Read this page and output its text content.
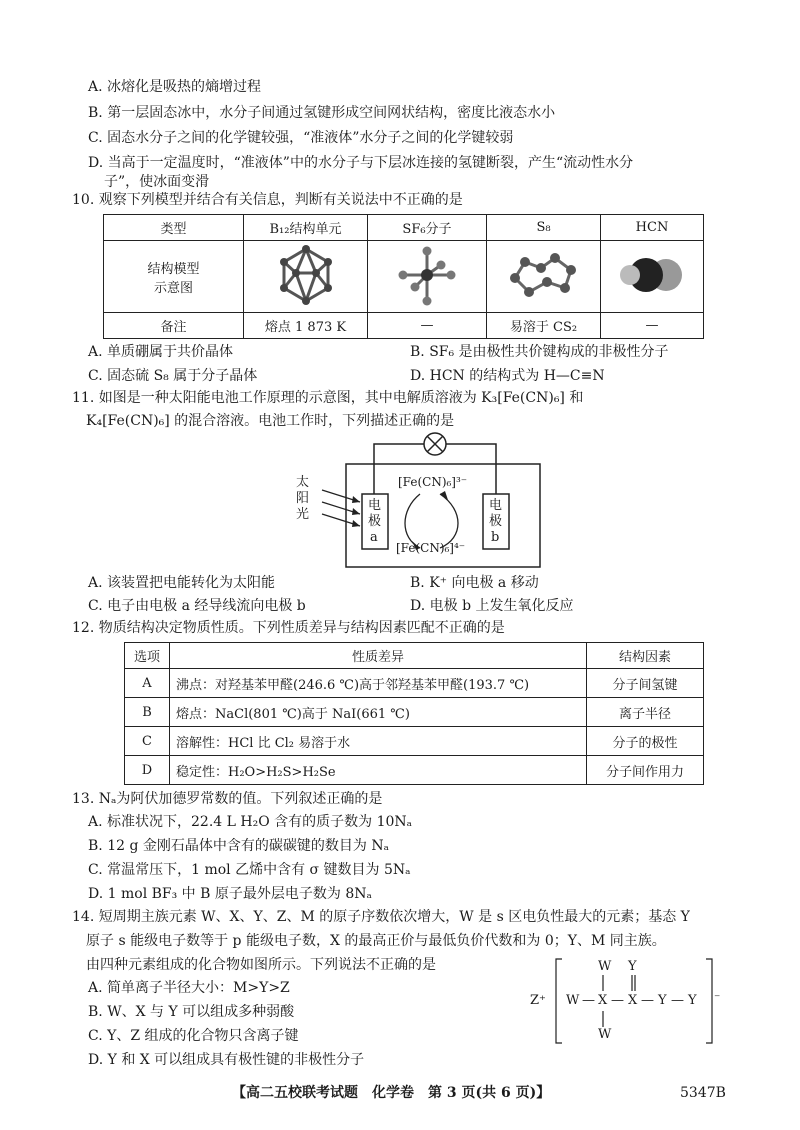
A. 冰熔化是吸热的熵增过程
B. 第一层固态冰中，水分子间通过氢键形成空间网状结构，密度比液态水小
C. 固态水分子之间的化学键较强，“准液体”水分子之间的化学键较弱
D. 当高于一定温度时，“准液体”中的水分子与下层冰连接的氢键断裂，产生“流动性水分
子”，使冰面变滑
10. 观察下列模型并结合有关信息，判断有关说法中不正确的是
类型	B₁₂结构单元	SF₆分子	S₈	HCN

结构模型
示意图

备注	熔点 1 873 K	—	易溶于 CS₂	—
A. 单质硼属于共价晶体	B. SF₆ 是由极性共价键构成的非极性分子
C. 固态硫 S₈ 属于分子晶体	D. HCN 的结构式为 H—C≡N
11. 如图是一种太阳能电池工作原理的示意图，其中电解质溶液为 K₃[Fe(CN)₆] 和
K₄[Fe(CN)₆] 的混合溶液。电池工作时，下列描述正确的是
太
阳
光
电
极
a
电
极
b
[Fe(CN)₆]³⁻
[Fe(CN)₆]⁴⁻
A. 该装置把电能转化为太阳能	B. K⁺ 向电极 a 移动
C. 电子由电极 a 经导线流向电极 b	D. 电极 b 上发生氧化反应
12. 物质结构决定物质性质。下列性质差异与结构因素匹配不正确的是
选项	性质差异	结构因素
A	沸点：对羟基苯甲醛(246.6 ℃)高于邻羟基苯甲醛(193.7 ℃)	分子间氢键
B	熔点：NaCl(801 ℃)高于 NaI(661 ℃)	离子半径
C	溶解性：HCl 比 Cl₂ 易溶于水	分子的极性
D	稳定性：H₂O>H₂S>H₂Se	分子间作用力
13. Nₐ为阿伏加德罗常数的值。下列叙述正确的是
A. 标准状况下，22.4 L H₂O 含有的质子数为 10Nₐ
B. 12 g 金刚石晶体中含有的碳碳键的数目为 Nₐ
C. 常温常压下，1 mol 乙烯中含有 σ 键数目为 5Nₐ
D. 1 mol BF₃ 中 B 原子最外层电子数为 8Nₐ
14. 短周期主族元素 W、X、Y、Z、M 的原子序数依次增大，W 是 s 区电负性最大的元素；基态 Y
原子 s 能级电子数等于 p 能级电子数，X 的最高正价与最低负价代数和为 0；Y、M 同主族。
由四种元素组成的化合物如图所示。下列说法不正确的是
A. 简单离子半径大小：M>Y>Z
B. W、X 与 Y 可以组成多种弱酸
C. Y、Z 组成的化合物只含离子键
D. Y 和 X 可以组成具有极性键的非极性分子
Z⁺	⁻
W Y
W — X — X — Y — Y
W
【高二五校联考试题　化学卷　第 3 页(共 6 页)】	5347B
